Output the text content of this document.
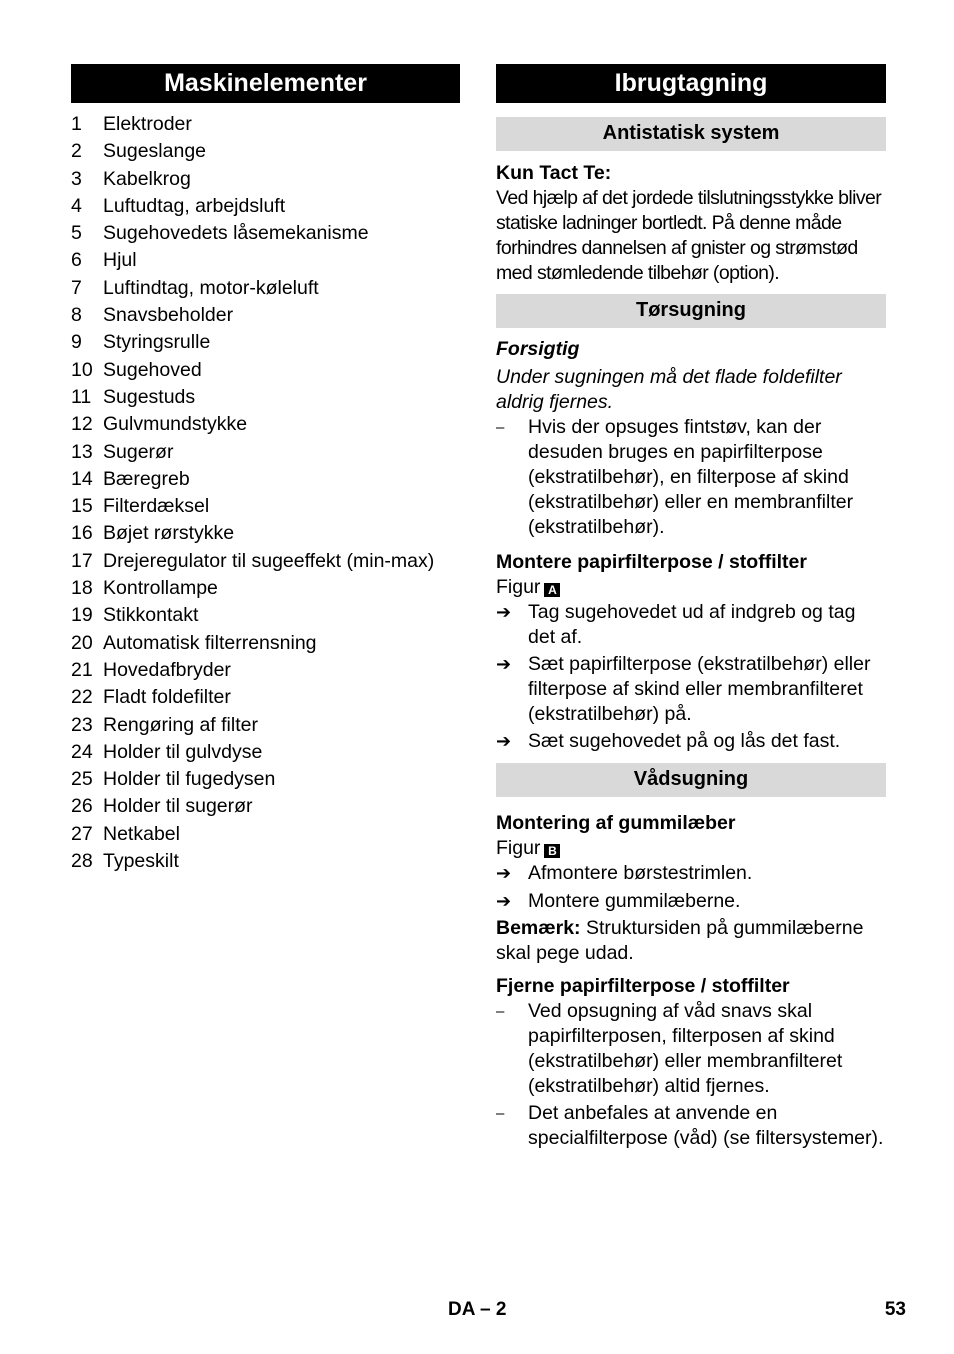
Maskinelementer
1	Elektroder
2	Sugeslange
3	Kabelkrog
4	Luftudtag, arbejdsluft
5	Sugehovedets låsemekanisme
6	Hjul
7	Luftindtag, motor-køleluft
8	Snavsbeholder
9	Styringsrulle
10 Sugehoved
11 Sugestuds
12 Gulvmundstykke
13 Sugerør
14 Bæregreb
15 Filterdæksel
16 Bøjet rørstykke
17 Drejeregulator til sugeeffekt (min-max)
18 Kontrollampe
19 Stikkontakt
20 Automatisk filterrensning
21 Hovedafbryder
22 Fladt foldefilter
23 Rengøring af filter
24 Holder til gulvdyse
25 Holder til fugedysen
26 Holder til sugerør
27 Netkabel
28 Typeskilt
Ibrugtagning
Antistatisk system

Kun Tact Te:

Ved hjælp af det jordede tilslutningsstykke bliver statiske ladninger bortledt. På denne måde forhindres dannelsen af gnister og strømstød med stømledende tilbehør (option).

Tørsugning

Forsigtig

Under sugningen må det flade foldefilter aldrig fjernes.

–	Hvis der opsuges fintstøv, kan der desuden bruges en papirfilterpose (ekstratilbehør), en filterpose af skind (ekstratilbehør) eller en membranfilter (ekstratilbehør).

Montere papirfilterpose / stoffilter

Figur A

➔ Tag sugehovedet ud af indgreb og tag det af.
➔ Sæt papirfilterpose (ekstratilbehør) eller filterpose af skind eller membranfilteret (ekstratilbehør) på.
➔ Sæt sugehovedet på og lås det fast.
Vådsugning

Montering af gummilæber

Figur B

➔ Afmontere børstestrimlen.
➔ Montere gummilæberne.

Bemærk: Struktursiden på gummilæberne skal pege udad.

Fjerne papirfilterpose / stoffilter

–	Ved opsugning af våd snavs skal papirfilterposen, filterposen af skind (ekstratilbehør) eller membranfilteret (ekstratilbehør) altid fjernes.
–	Det anbefales at anvende en specialfilterpose (våd) (se filtersystemer).
DA – 2	53
